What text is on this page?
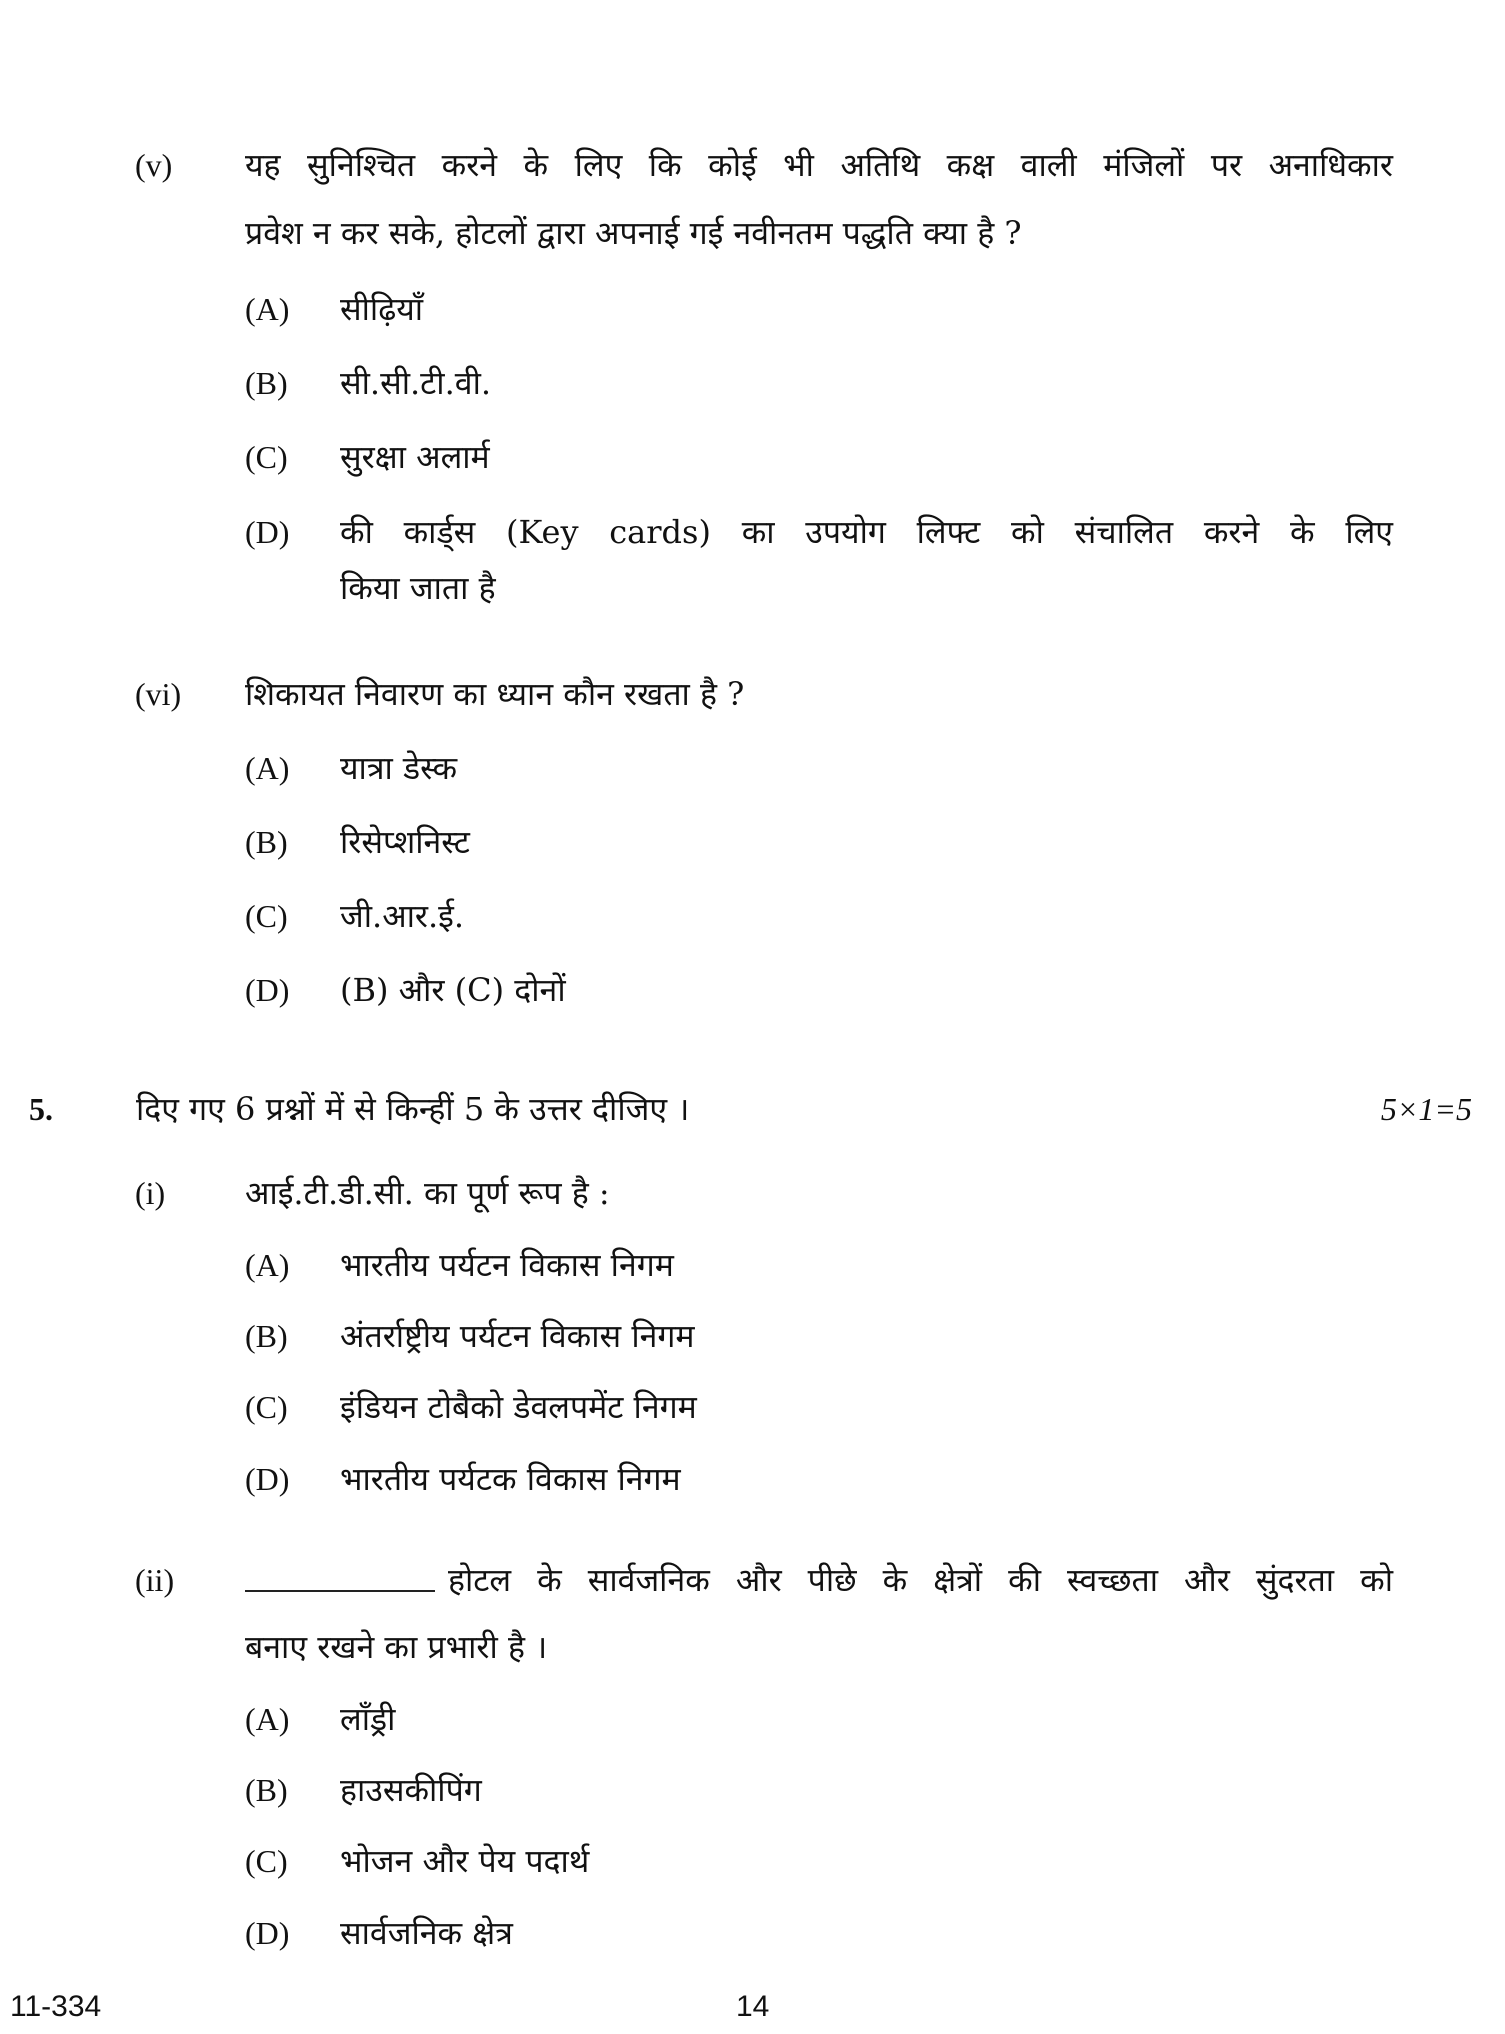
(v) यह सुनिश्चित करने के लिए कि कोई भी अतिथि कक्ष वाली मंजिलों पर अनाधिकार
प्रवेश न कर सके, होटलों द्वारा अपनाई गई नवीनतम पद्धति क्या है ?
(A) सीढ़ियाँ
(B) सी.सी.टी.वी.
(C) सुरक्षा अलार्म
(D) की कार्ड्स (Key cards) का उपयोग लिफ्ट को संचालित करने के लिए
किया जाता है
(vi) शिकायत निवारण का ध्यान कौन रखता है ?
(A) यात्रा डेस्क
(B) रिसेप्शनिस्ट
(C) जी.आर.ई.
(D) (B) और (C) दोनों
5.	दिए गए 6 प्रश्नों में से किन्हीं 5 के उत्तर दीजिए ।	5×1=5
(i) आई.टी.डी.सी. का पूर्ण रूप है :
(A) भारतीय पर्यटन विकास निगम
(B) अंतर्राष्ट्रीय पर्यटन विकास निगम
(C) इंडियन टोबैको डेवलपमेंट निगम
(D) भारतीय पर्यटक विकास निगम
(ii)	होटल के सार्वजनिक और पीछे के क्षेत्रों की स्वच्छता और सुंदरता को
बनाए रखने का प्रभारी है ।
(A) लाँड्री
(B) हाउसकीपिंग
(C) भोजन और पेय पदार्थ
(D) सार्वजनिक क्षेत्र
11-334	14
